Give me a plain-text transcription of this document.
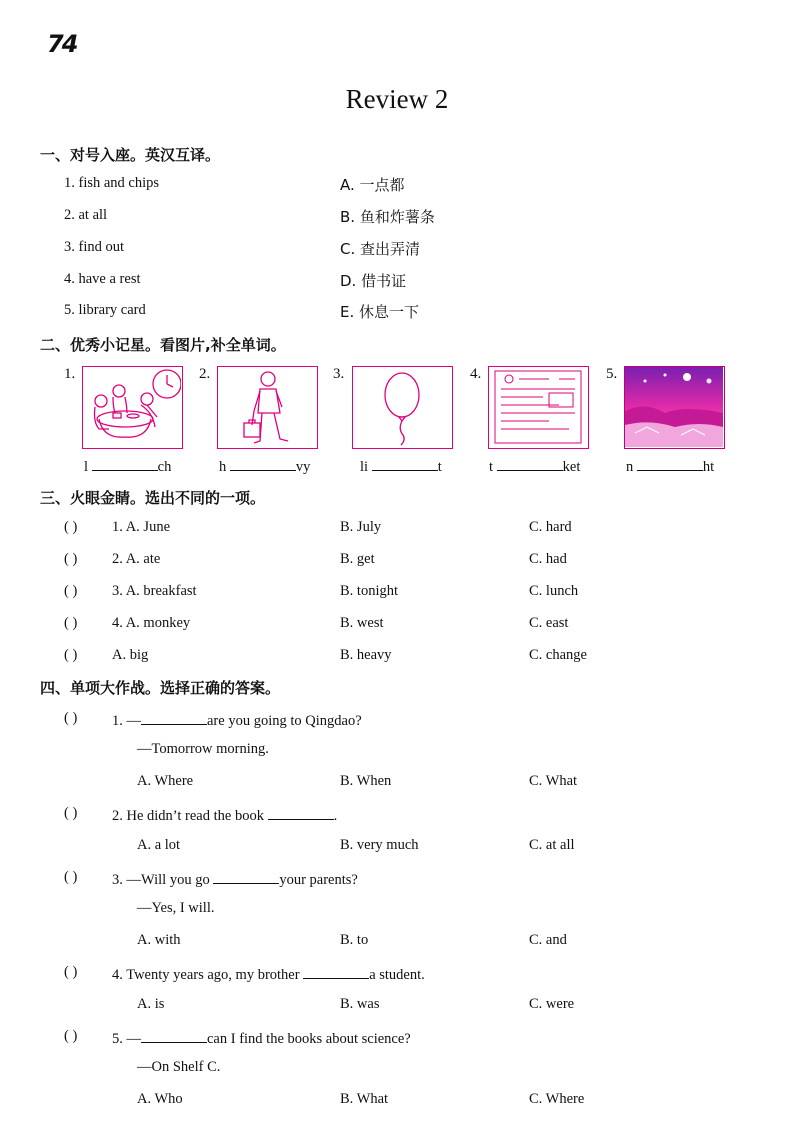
74
Review 2
一、对号入座。英汉互译。
1. fish and chips
2. at all
3. find out
4. have a rest
5. library card
A. 一点都
B. 鱼和炸薯条
C. 查出弄清
D. 借书证
E. 休息一下
二、优秀小记星。看图片,补全单词。
1.	2.	3.	4.	5.
l	ch	h	vy	li	t	t	ket	n	ht
三、火眼金睛。选出不同的一项。
( ) 1. A. June	B. July	C. hard
( ) 2. A. ate	B. get	C. had
( ) 3. A. breakfast	B. tonight	C. lunch
( ) 4. A. monkey	B. west	C. east
( ) A. big	B. heavy	C. change
四、单项大作战。选择正确的答案。
( ) 1. —	are you going to Qingdao?
—Tomorrow morning.
A. Where	B. When	C. What
( ) 2. He didn’t read the book	.
A. a lot	B. very much	C. at all
( ) 3. —Will you go	your parents?
—Yes, I will.
A. with	B. to	C. and
( ) 4. Twenty years ago, my brother	a student.
A. is	B. was	C. were
( ) 5. —	can I find the books about science?
—On Shelf C.
A. Who	B. What	C. Where
